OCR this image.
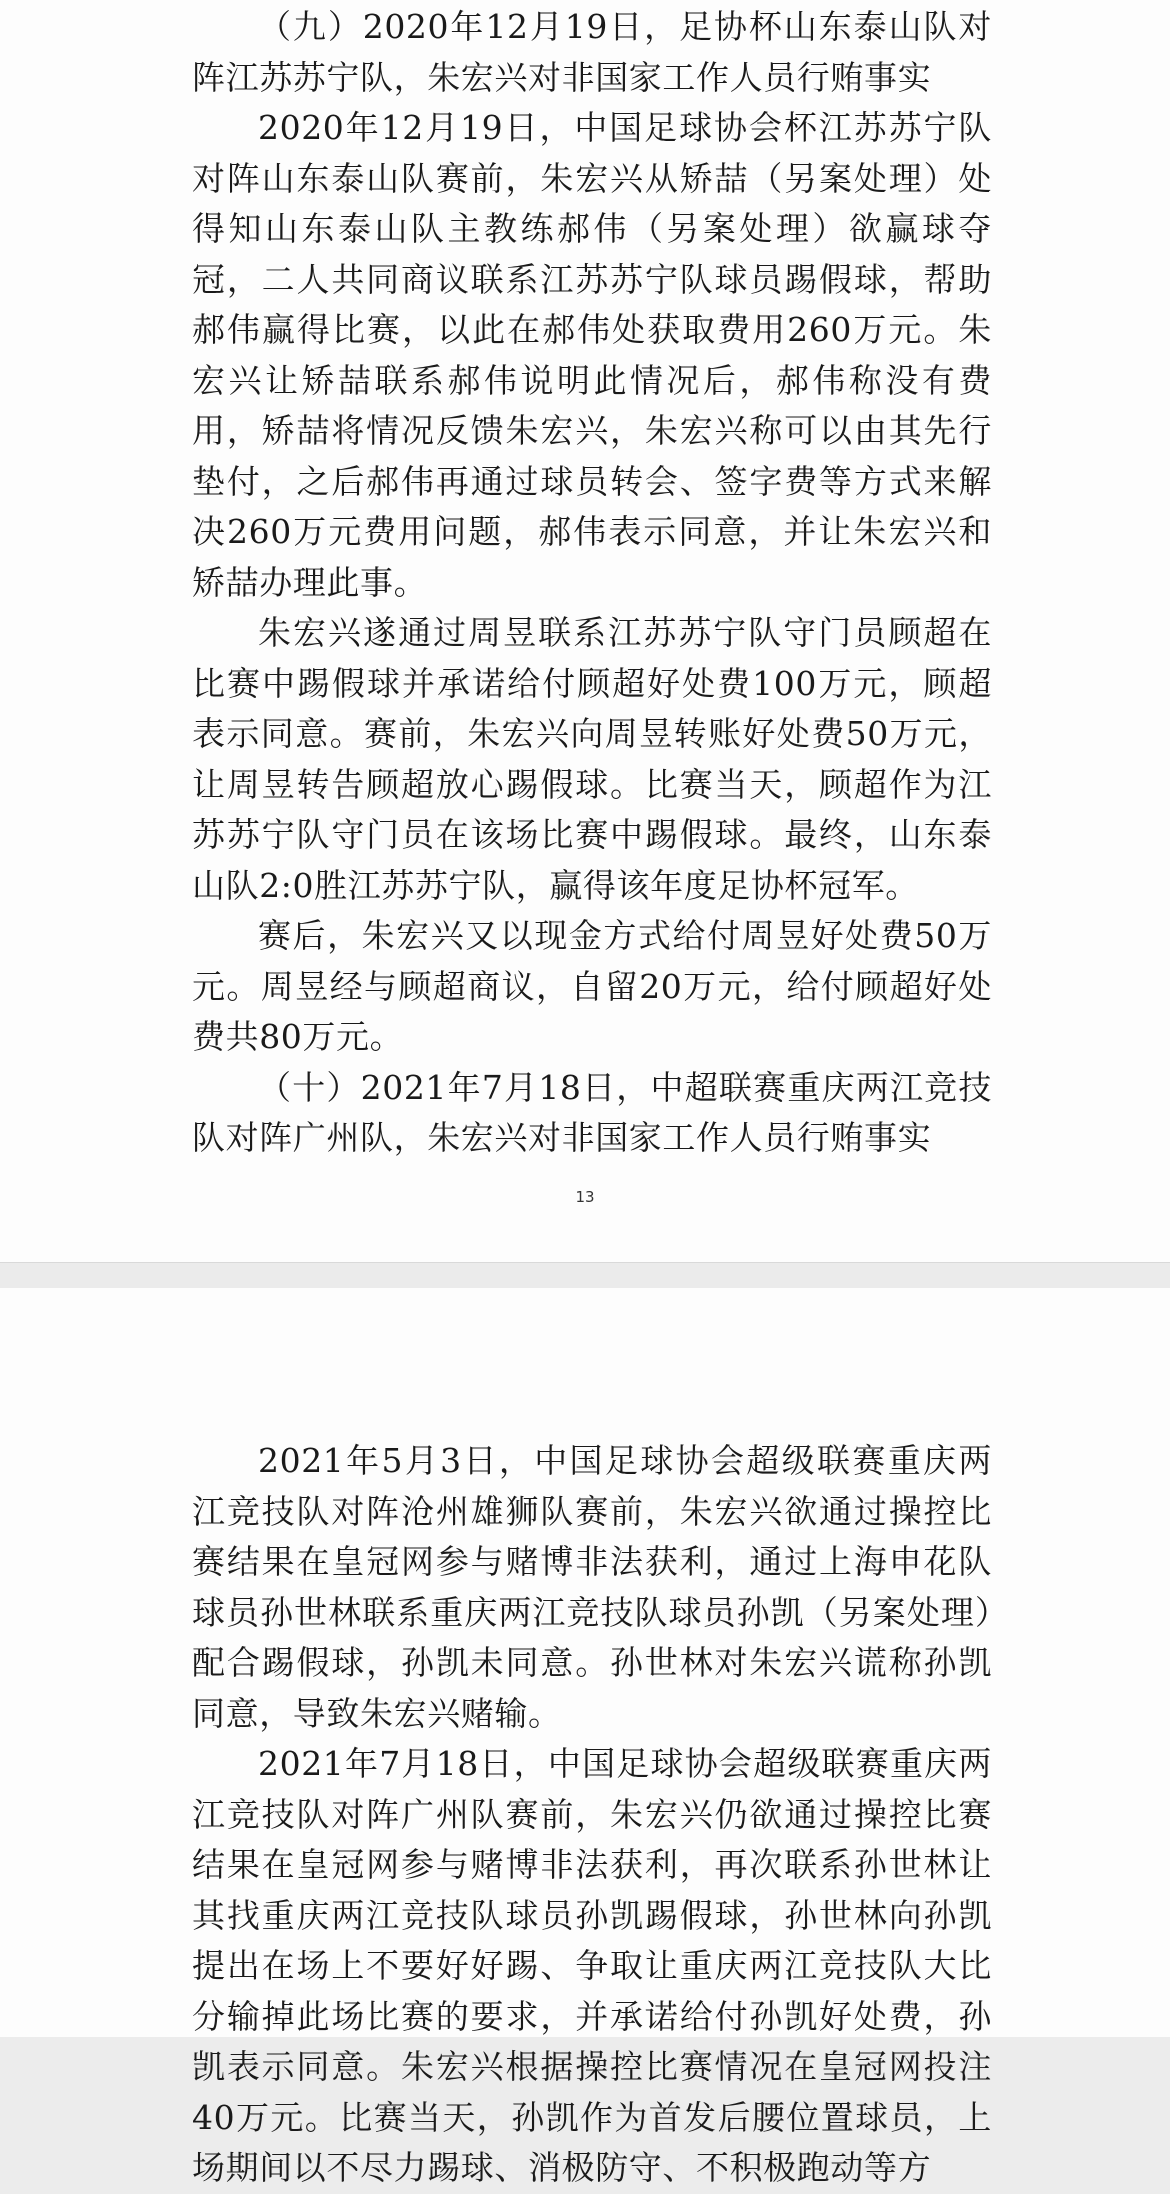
（九）2020年12月19日，足协杯山东泰山队对阵江苏苏宁队，朱宏兴对非国家工作人员行贿事实

2020年12月19日，中国足球协会杯江苏苏宁队对阵山东泰山队赛前，朱宏兴从矫喆（另案处理）处得知山东泰山队主教练郝伟（另案处理）欲赢球夺冠，二人共同商议联系江苏苏宁队球员踢假球，帮助郝伟赢得比赛，以此在郝伟处获取费用260万元。朱宏兴让矫喆联系郝伟说明此情况后，郝伟称没有费用，矫喆将情况反馈朱宏兴，朱宏兴称可以由其先行垫付，之后郝伟再通过球员转会、签字费等方式来解决260万元费用问题，郝伟表示同意，并让朱宏兴和矫喆办理此事。

朱宏兴遂通过周昱联系江苏苏宁队守门员顾超在比赛中踢假球并承诺给付顾超好处费100万元，顾超表示同意。赛前，朱宏兴向周昱转账好处费50万元，让周昱转告顾超放心踢假球。比赛当天，顾超作为江苏苏宁队守门员在该场比赛中踢假球。最终，山东泰山队2:0胜江苏苏宁队，赢得该年度足协杯冠军。

赛后，朱宏兴又以现金方式给付周昱好处费50万元。周昱经与顾超商议，自留20万元，给付顾超好处费共80万元。

（十）2021年7月18日，中超联赛重庆两江竞技队对阵广州队，朱宏兴对非国家工作人员行贿事实

13

2021年5月3日，中国足球协会超级联赛重庆两江竞技队对阵沧州雄狮队赛前，朱宏兴欲通过操控比赛结果在皇冠网参与赌博非法获利，通过上海申花队球员孙世林联系重庆两江竞技队球员孙凯（另案处理）配合踢假球，孙凯未同意。孙世林对朱宏兴谎称孙凯同意，导致朱宏兴赌输。

2021年7月18日，中国足球协会超级联赛重庆两江竞技队对阵广州队赛前，朱宏兴仍欲通过操控比赛结果在皇冠网参与赌博非法获利，再次联系孙世林让其找重庆两江竞技队球员孙凯踢假球，孙世林向孙凯提出在场上不要好好踢、争取让重庆两江竞技队大比分输掉此场比赛的要求，并承诺给付孙凯好处费，孙凯表示同意。朱宏兴根据操控比赛情况在皇冠网投注40万元。比赛当天，孙凯作为首发后腰位置球员，上场期间以不尽力踢球、消极防守、不积极跑动等方
